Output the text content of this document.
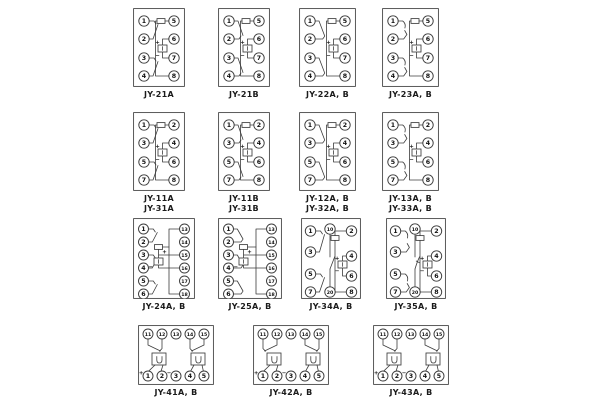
+
−
1
2
3
4
5
6
7
8
JY-21A
+
−
1
2
3
4
5
6
7
8
JY-21B
+
−
1
2
3
4
5
6
7
8
JY-22A, B
+
−
1
2
3
4
5
6
7
8
JY-23A, B
+
−
1
3
5
7
2
4
6
8
JY-11A
JY-31A
+
−
1
3
5
7
2
4
6
8
JY-11B
JY-31B
+
−
1
3
5
7
2
4
6
8
JY-12A, B
JY-32A, B
+
−
1
3
5
7
2
4
6
8
JY-13A, B
JY-33A, B
+
−
1
2
3
4
5
6
13
14
15
16
17
18
JY-24A, B
+
−
1
2
3
4
5
6
13
14
15
16
17
18
JY-25A, B
+
−
1
3
5
7
2
4
6
8
10
20
JY-34A, B
+
−
1
3
5
7
2
4
6
8
10
20
JY-35A, B
+	−
11 12 13 14 15
1 2 3 4 5
JY-41A, B
+	−
11 12 13 14 15
1 2 3 4 5
JY-42A, B
+	−
11 12 13 14 15
1 2 3 4 5
JY-43A, B
